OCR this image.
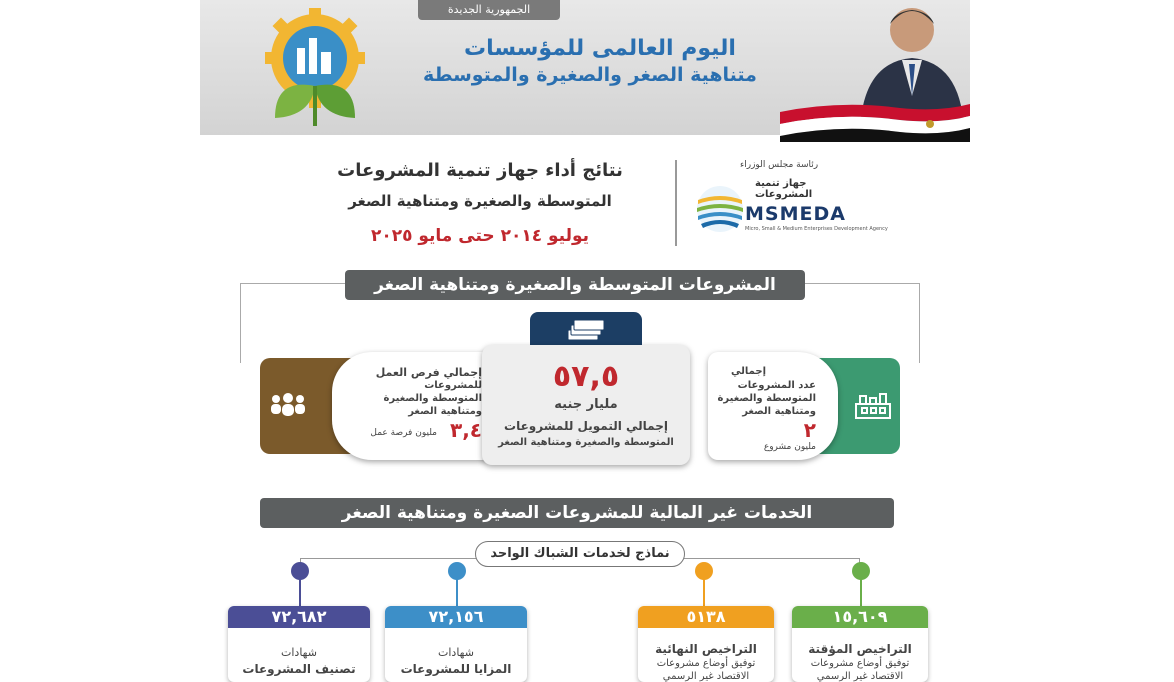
الجمهورية الجديدة
اليوم العالمى للمؤسسات
متناهية الصغر والصغيرة والمتوسطة
رئاسة مجلس الوزراء
جهاز تنمية المشروعات
MSMEDA
Micro, Small & Medium Enterprises Development Agency
نتائج أداء جهاز تنمية المشروعات
المتوسطة والصغيرة ومتناهية الصغر
يوليو ٢٠١٤ حتى مايو ٢٠٢٥
المشروعات المتوسطة والصغيرة ومتناهية الصغر
إجمالي فرص العمل
للمشروعات
المتوسطة والصغيرة
ومتناهية الصغر
٣,٤
مليون فرصة عمل
٥٧,٥
مليار جنيه
إجمالي التمويل للمشروعات
المتوسطة والصغيرة ومتناهية الصغر
إجمالي
عدد المشروعات
المتوسطة والصغيرة
ومتناهية الصغر
٢
مليون مشروع
الخدمات غير المالية للمشروعات الصغيرة ومتناهية الصغر
نماذج لخدمات الشباك الواحد
٧٢,٦٨٢
شهادات
تصنيف المشروعات
٧٢,١٥٦
شهادات
المزايا للمشروعات
٥١٣٨
التراخيص النهائية
توفيق أوضاع مشروعات
الاقتصاد غير الرسمي
١٥,٦٠٩
التراخيص المؤقتة
توفيق أوضاع مشروعات
الاقتصاد غير الرسمي
